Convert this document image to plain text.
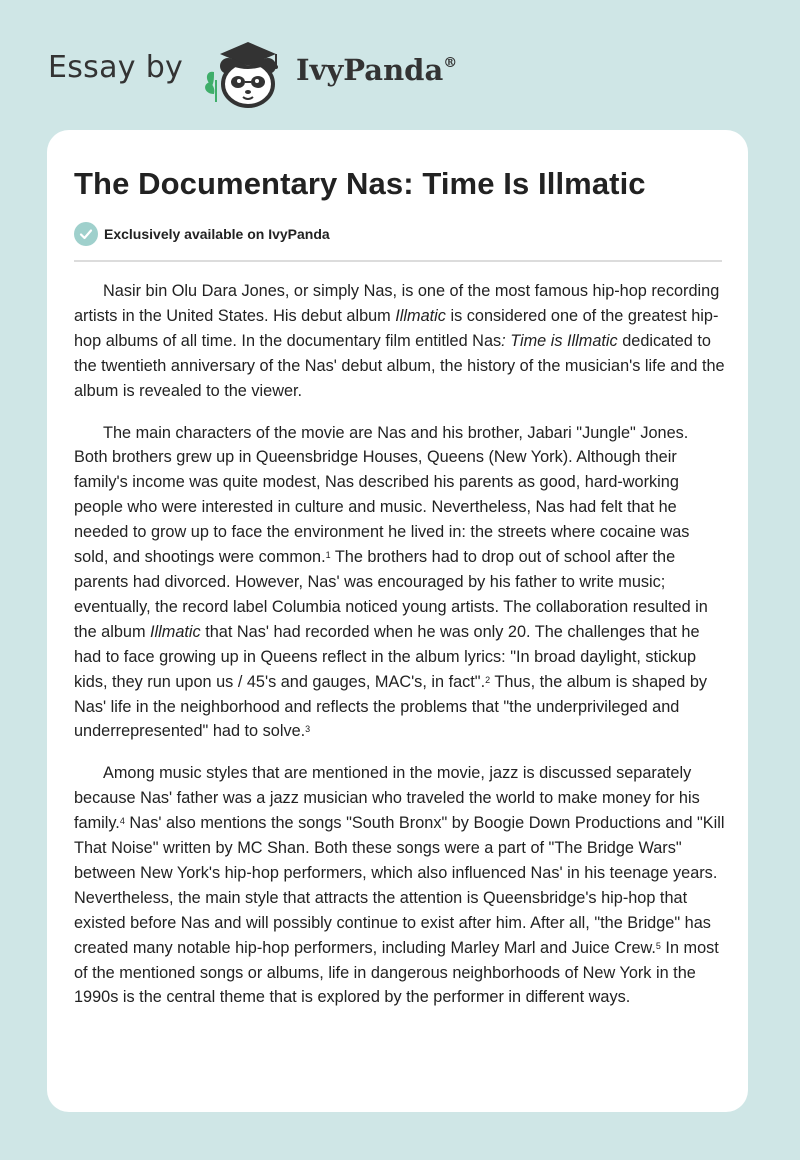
Essay by	IvyPanda®
The Documentary Nas: Time Is Illmatic
Exclusively available on IvyPanda

Nasir bin Olu Dara Jones, or simply Nas, is one of the most famous hip-hop recording artists in the United States. His debut album Illmatic is considered one of the greatest hip-hop albums of all time. In the documentary film entitled Nas: Time is Illmatic dedicated to the twentieth anniversary of the Nas' debut album, the history of the musician's life and the album is revealed to the viewer.

The main characters of the movie are Nas and his brother, Jabari "Jungle" Jones. Both brothers grew up in Queensbridge Houses, Queens (New York). Although their family's income was quite modest, Nas described his parents as good, hard-working people who were interested in culture and music. Nevertheless, Nas had felt that he needed to grow up to face the environment he lived in: the streets where cocaine was sold, and shootings were common.$^1$ The brothers had to drop out of school after the parents had divorced. However, Nas' was encouraged by his father to write music; eventually, the record label Columbia noticed young artists. The collaboration resulted in the album Illmatic that Nas' had recorded when he was only 20. The challenges that he had to face growing up in Queens reflect in the album lyrics: "In broad daylight, stickup kids, they run upon us / 45's and gauges, MAC's, in fact".$^2$ Thus, the album is shaped by Nas' life in the neighborhood and reflects the problems that "the underprivileged and underrepresented" had to solve.$^3$

Among music styles that are mentioned in the movie, jazz is discussed separately because Nas' father was a jazz musician who traveled the world to make money for his family.$^4$ Nas' also mentions the songs "South Bronx" by Boogie Down Productions and "Kill That Noise" written by MC Shan. Both these songs were a part of "The Bridge Wars" between New York's hip-hop performers, which also influenced Nas' in his teenage years. Nevertheless, the main style that attracts the attention is Queensbridge's hip-hop that existed before Nas and will possibly continue to exist after him. After all, "the Bridge" has created many notable hip-hop performers, including Marley Marl and Juice Crew.$^5$ In most of the mentioned songs or albums, life in dangerous neighborhoods of New York in the 1990s is the central theme that is explored by the performer in different ways.
